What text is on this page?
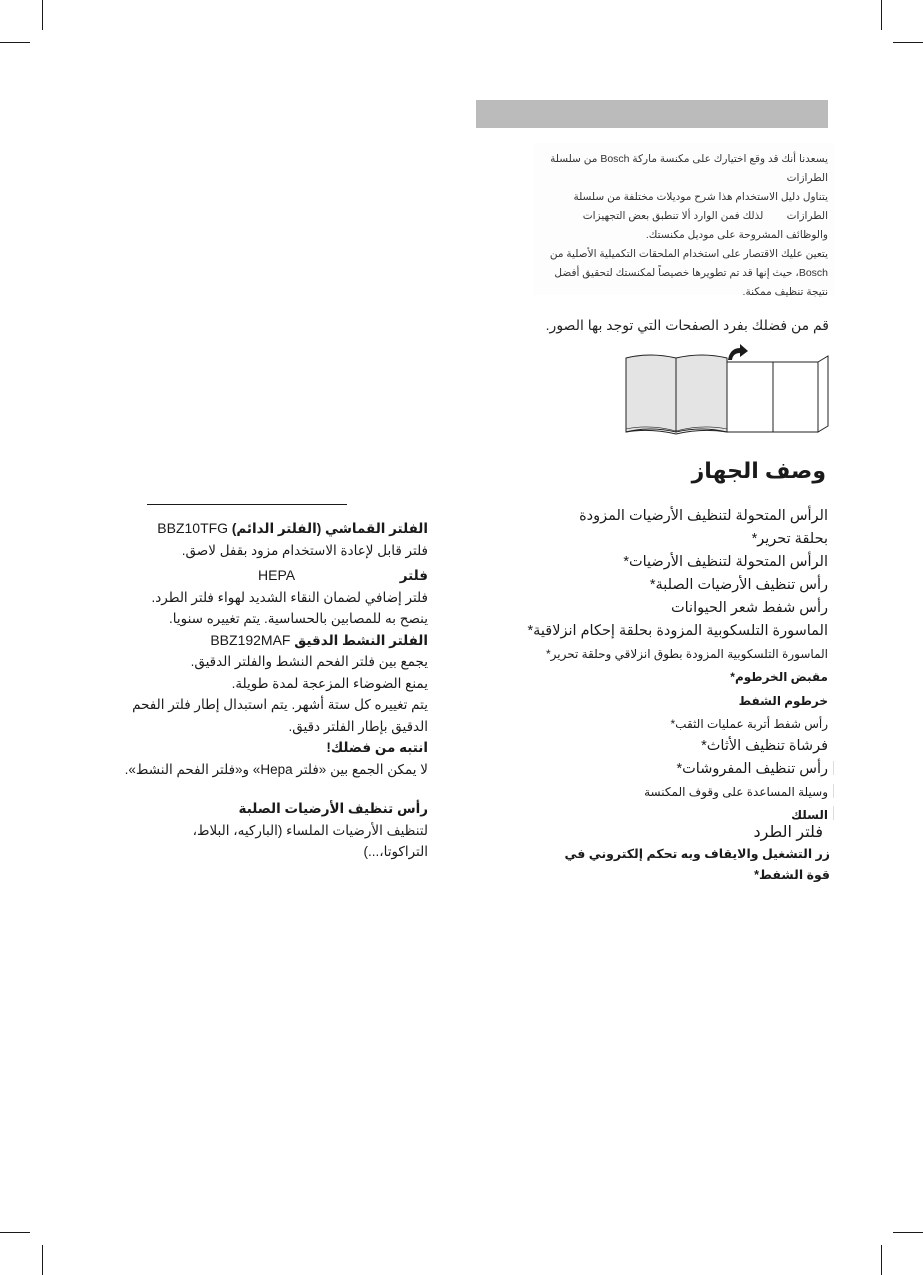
يسعدنا أنك قد وقع اختيارك على مكنسة ماركة Bosch من سلسلة

الطرازات

يتناول دليل الاستخدام هذا شرح موديلات مختلفة من سلسلة

الطرازات        لذلك فمن الوارد ألا تنطبق بعض التجهيزات

والوظائف المشروحة على موديل مكنستك.

يتعين عليك الاقتصار على استخدام الملحقات التكميلية الأصلية من

Bosch، حيث إنها قد تم تطويرها خصيصاً لمكنستك لتحقيق أفضل

نتيجة تنظيف ممكنة.

قم من فضلك بفرد الصفحات التي توجد بها الصور.
وصف الجهاز
الرأس المتحولة لتنظيف الأرضيات المزودة بحلقة تحرير*
الرأس المتحولة لتنظيف الأرضيات*
رأس تنظيف الأرضيات الصلبة*
رأس شفط شعر الحيوانات
الماسورة التلسكوبية المزودة بحلقة إحكام انزلاقية*
الماسورة التلسكوبية المزودة بطوق انزلاقي وحلقة تحرير*
مقبض الخرطوم*
خرطوم الشفط
رأس شفط أتربة عمليات الثقب*
فرشاة تنظيف الأثاث*
رأس تنظيف المفروشات*
وسيلة المساعدة على وقوف المكنسة
السلك
فلتر الطرد
زر التشغيل والايقاف وبه تحكم إلكتروني في قوة الشفط*

الفلتر القماشي (الفلتر الدائم) BBZ10TFG

فلتر قابل لإعادة الاستخدام مزود بقفل لاصق.

فلتر
HEPA

فلتر إضافي لضمان النقاء الشديد لهواء فلتر الطرد.

ينصح به للمصابين بالحساسية. يتم تغييره سنويا.

الفلتر النشط الدقيق BBZ192MAF

يجمع بين فلتر الفحم النشط والفلتر الدقيق.

يمنع الضوضاء المزعجة لمدة طويلة.

يتم تغييره كل ستة أشهر. يتم استبدال إطار فلتر الفحم

الدقيق بإطار الفلتر دقيق.

انتبه من فضلك!

لا يمكن الجمع بين «فلتر Hepa» و«فلتر الفحم النشط».

رأس تنظيف الأرضيات الصلبة

لتنظيف الأرضيات الملساء (الباركيه، البلاط،

التراكوتا،...)
